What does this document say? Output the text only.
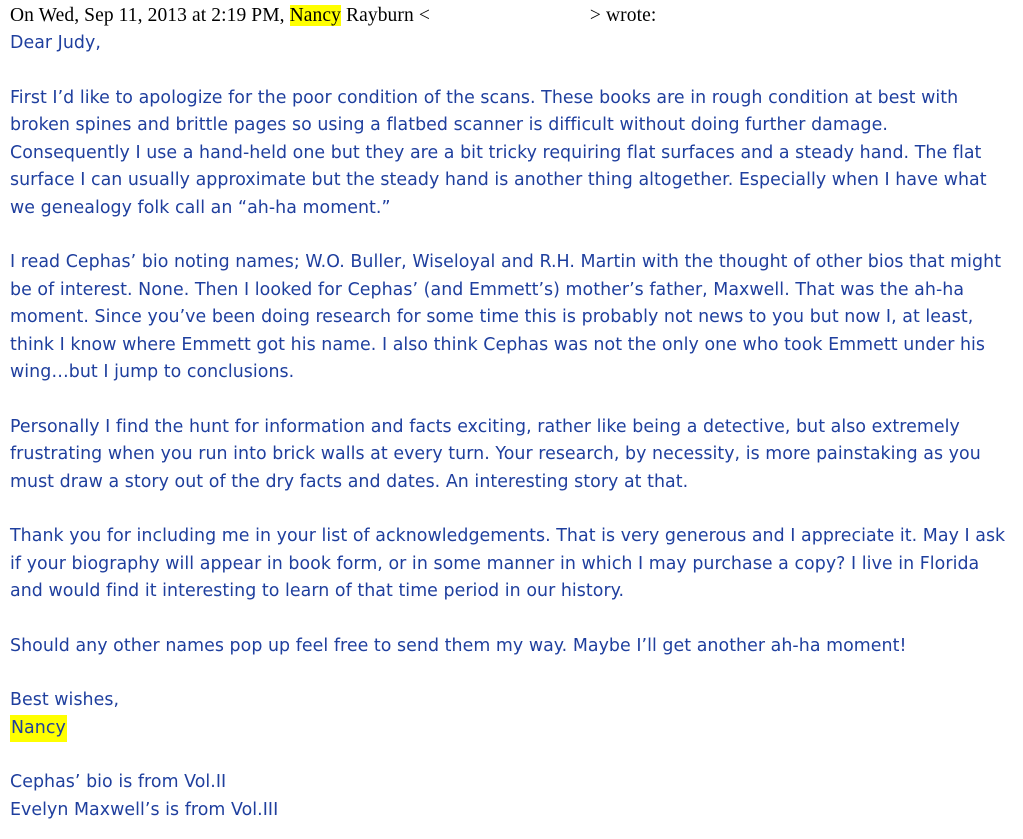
On Wed, Sep 11, 2013 at 2:19 PM, Nancy Rayburn <	> wrote:

Dear Judy,

First I’d like to apologize for the poor condition of the scans. These books are in rough condition at best with broken spines and brittle pages so using a flatbed scanner is difficult without doing further damage. Consequently I use a hand-held one but they are a bit tricky requiring flat surfaces and a steady hand. The flat surface I can usually approximate but the steady hand is another thing altogether. Especially when I have what we genealogy folk call an “ah-ha moment.”

I read Cephas’ bio noting names; W.O. Buller, Wiseloyal and R.H. Martin with the thought of other bios that might be of interest. None. Then I looked for Cephas’ (and Emmett’s) mother’s father, Maxwell. That was the ah-ha moment. Since you’ve been doing research for some time this is probably not news to you but now I, at least, think I know where Emmett got his name. I also think Cephas was not the only one who took Emmett under his wing…but I jump to conclusions.

Personally I find the hunt for information and facts exciting, rather like being a detective, but also extremely frustrating when you run into brick walls at every turn. Your research, by necessity, is more painstaking as you must draw a story out of the dry facts and dates. An interesting story at that.

Thank you for including me in your list of acknowledgements. That is very generous and I appreciate it. May I ask if your biography will appear in book form, or in some manner in which I may purchase a copy? I live in Florida and would find it interesting to learn of that time period in our history.

Should any other names pop up feel free to send them my way. Maybe I’ll get another ah-ha moment!

Best wishes,

Nancy

Cephas’ bio is from Vol.II

Evelyn Maxwell’s is from Vol.III
